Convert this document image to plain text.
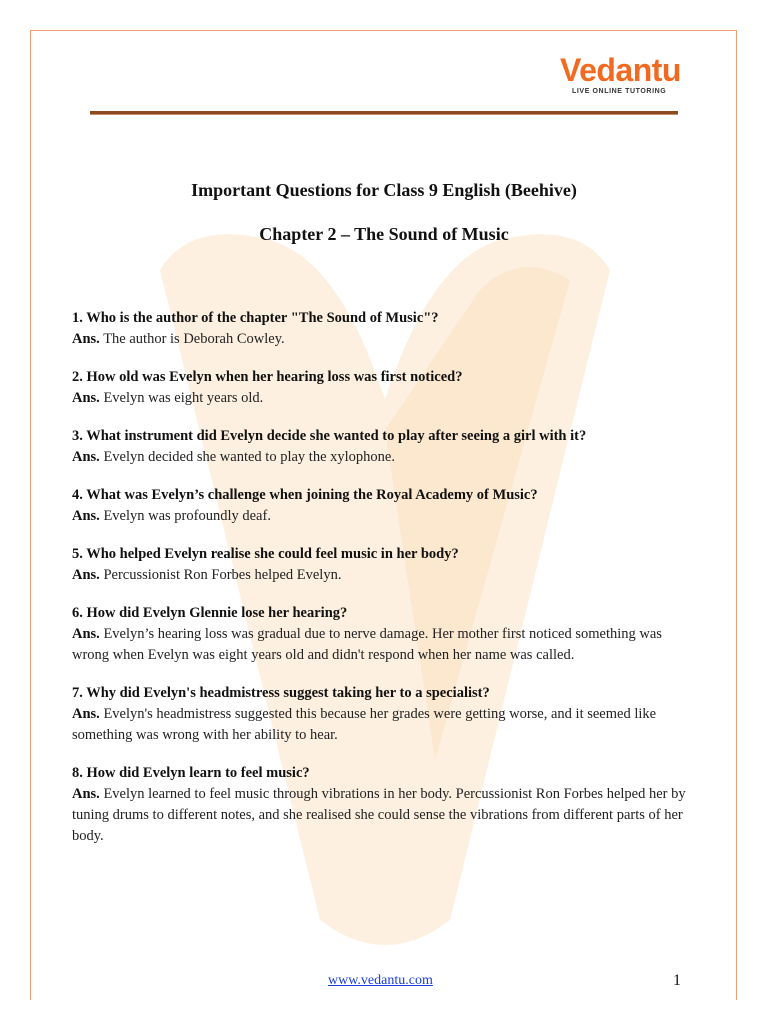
Vedantu
LIVE ONLINE TUTORING
Important Questions for Class 9 English (Beehive)
Chapter 2 – The Sound of Music
1. Who is the author of the chapter "The Sound of Music"?
Ans. The author is Deborah Cowley.
2. How old was Evelyn when her hearing loss was first noticed?
Ans. Evelyn was eight years old.
3. What instrument did Evelyn decide she wanted to play after seeing a girl with it?
Ans. Evelyn decided she wanted to play the xylophone.
4. What was Evelyn’s challenge when joining the Royal Academy of Music?
Ans. Evelyn was profoundly deaf.
5. Who helped Evelyn realise she could feel music in her body?
Ans. Percussionist Ron Forbes helped Evelyn.
6. How did Evelyn Glennie lose her hearing?
Ans. Evelyn’s hearing loss was gradual due to nerve damage. Her mother first noticed something was wrong when Evelyn was eight years old and didn't respond when her name was called.
7. Why did Evelyn's headmistress suggest taking her to a specialist?
Ans. Evelyn's headmistress suggested this because her grades were getting worse, and it seemed like something was wrong with her ability to hear.
8. How did Evelyn learn to feel music?
Ans. Evelyn learned to feel music through vibrations in her body. Percussionist Ron Forbes helped her by tuning drums to different notes, and she realised she could sense the vibrations from different parts of her body.
www.vedantu.com	1
